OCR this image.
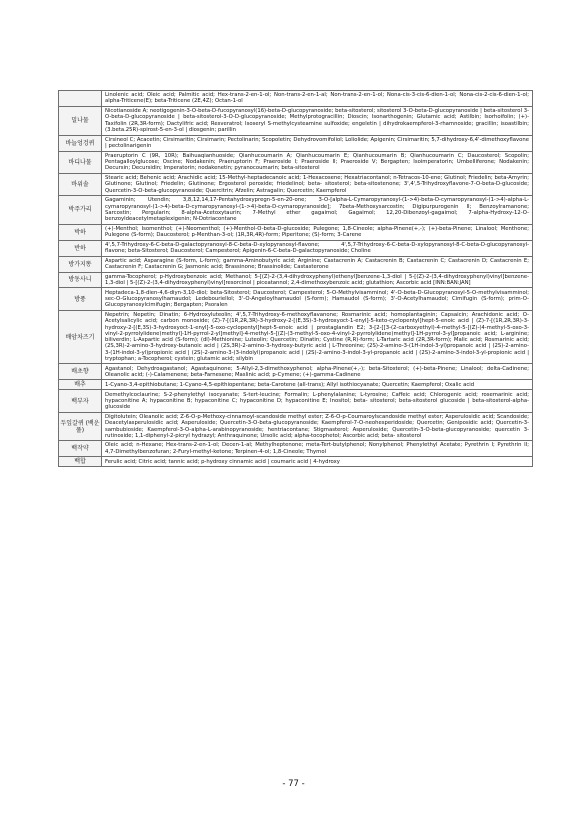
	Linolenic acid; Oleic acid; Palmitic acid; Hex-trans-2-en-1-ol; Non-trans-2-en-1-al; Non-trans-2-en-1-ol; Nona-cis-3-cis-6-dien-1-ol; Nona-cis-2-cis-6-dien-1-ol; alpha-Triticene(E); beta-Triticene (2E,4Z); Octan-1-ol
밀나물	Nicotianoside A; neotigogenin-3-O-beta-D-fucopyranosyl(16)-beta-D-glucopyranoside; beta-sitosterol; sitosterol 3-O-beta-D-glucopyranoside | beta-sitosterol 3-O-beta-D-glucopyranoside | beta-sitosterol-3-O-D-glucopyranoside; Methylprotogracillin; Dioscin; Isonarthogenin; Glutamic acid; Astilbin; Isorhoifolin; (+)-Taxifolin (2R,3R-form); Dactylifric acid; Resveratrol; Isoseryl S-methylcysteamine sulfoxide; engeletin | dihydrokaempferol-3-rhamnoside; gracillin; isoastilbin; (3.beta.25R)-spirost-5-en-3-ol | diosgenin; parillin
바늘엉겅퀴	Cirsineol C; Acacetin; Cirsimaritin; Cirsimarin; Pectolinarin; Scopoletin; Dehydrovomifoliol; Loliolide; Apigenin; Cirsimaritin; 5,7-dihydroxy-6,4'-dimethoxyflavone | pectolinarigenin
바디나물	Praeruptorin C (9R, 10R); Baihuaqianhuoside; Qianhucoumarin A; Qianhucoumarin E; Qianhucoumarin B; Qianhucoumarin C; Daucosterol; Scopolin; Pentagalloylglucose; Oscine; Nodakenin; Praeruptorin F; Praeroside I; Praeroside II; Praeroside V; Bergapten; Isoimperatorin; Umbelliferone; Nodakenin; Decursin; Decursidin; Imperatorin; nodakenetin; pyranocoumarin; beta-sitosterol
바위솔	Stearic acid; Behenic acid; Arachidic acid; 15-Methyl-heptadecanoic acid; 1-Hexacosene; Hexatriacontanol; n-Tetracos-10-ene; Glutinol; Friedelin; beta-Amyrin; Glutinone; Glutinol; Friedelin; Glutinone; Ergosterol peroxide; friedelinol; beta- sitosterol; beta-sitostenone; 3',4',5-Trihydroxyflavone-7-O-beta-D-glucoside; Quercetin-3-O-beta-glucopyranoside; Quercitrin; Afzelin; Astragalin; Quercetin; Kaempferol
박주가리	Gagaminin; Utendin; 3,8,12,14,17-Pentahydroxypregn-5-en-20-one; 3-O-[alpha-L-Cymaropyranosyl-(1->4)-beta-D-cymaropyranosyl-(1->4)-alpha-L-cymaropyranosyl-(1->4)-beta-D-cymaropyranosyl-(1->4)-beta-D-cymaropyranoside]; 7beta-Methoxysarcostin; Digipurpurogenin II; Benzoylramanone; Sarcostin; Pergularin; 8-alpha-Acetoxytaurin; 7-Methyl ether gagaimol; Gagaimol; 12,20-Dibenzoyl-gagaimol; 7-alpha-Hydroxy-12-O-benzoyldeacetylmetaplexigenin; N-Dotriacontane
박하	(+)-Menthol; Isomenthol; (+)-Neomenthol; (+)-Menthol-O-beta-D-glucoside; Pulegone; 1,8-Cineole; alpha-Pinene(+,-); (+)-beta-Pinene; Linalool; Menthone; Pulegone (S-form); Daucosterol; p-Menthan-3-ol; (1R,3R,4R)-form; Piperitone; (S)-form; 3-Carene
반하	4',5,7-Trihydroxy-6-C-beta-D-galactopyranosyl-8-C-beta-D-xylopyranosyl-flavone; 4',5,7-Trihydroxy-6-C-beta-D-xylopyranosyl-8-C-beta-D-glucopyranosyl-flavone; beta-Sitosterol; Daucosterol; Campesterol; Apigenin-6-C-beta-D-galactopyranoside; Choline
방가지똥	Aspartic acid; Asparagine (S-form, L-form); gamma-Aminobutyric acid; Arginine; Castacrenin A; Castacrenin B; Castacrenin C; Castacrenin D; Castacrenin E; Castacrenin F; Castacrenin G; Jasmonic acid; Brassinone; Brassinolide; Castasterone
방동사니	gamma-Tocopherol; p-Hydroxybenzoic acid; Methanol; 5-[(Z)-2-(3,4-dihydroxyphenyl)ethenyl]benzene-1,3-diol | 5-[(Z)-2-(3,4-dihydroxyphenyl)vinyl]benzene-1,3-diol | 5-[(Z)-2-(3,4-dihydroxyphenyl)vinyl]resorcinol | piceatannol; 2,4-dimethoxybenzoic acid; glutathion; Ascorbic acid [INN:BAN:JAN]
방풍	Heptadeca-1,8-dien-4,6-diyn-3,10-diol; beta-Sitosterol; Daucosterol; Campesterol; 5-O-Methylvisamminol; 4'-O-beta-D-Glucopyranosyl-5-O-methylvisamminol; sec-O-Glucopyranosylhamaudol; Ledebouriellol; 3'-O-Angeloylhamaudol (S-form); Hamaudol (S-form); 3'-O-Acetylhamaudol; Cimifugin (S-form); prim-O-Glucopyranosylcimifugin; Bergapten; Psoralen
배암차즈기	Nepetrin; Nepetin; Dinatin; 6-Hydroxyluteolin; 4',5,7-Trihydroxy-6-methoxyflavanone; Rosmarinic acid; homoplantaginin; Capsaicin; Arachidonic acid; O-Acetylsalicylic acid; carbon monoxide; (Z)-7-[(1R,2R,3R)-3-hydroxy-2-[(E,3S)-3-hydroxyoct-1-enyl]-5-keto-cyclopentyl]hept-5-enoic acid | (Z)-7-[(1R,2R,3R)-3-hydroxy-2-[(E,3S)-3-hydroxyoct-1-enyl]-5-oxo-cyclopentyl]hept-5-enoic acid | prostaglandin E2; 3-[2-[[3-(2-carboxyethyl)-4-methyl-5-[(Z)-(4-methyl-5-oxo-3-vinyl-2-pyrrolylidene)methyl]-1H-pyrrol-2-yl]methyl]-4-methyl-5-[(Z)-(3-methyl-5-oxo-4-vinyl-2-pyrrolylidene)methyl]-1H-pyrrol-3-yl]propanoic acid; L-arginine; biliverdin; L-Aspartic acid (S-form); (dl)-Methionine; Luteolin; Quercetin; Dinatin; Cystine (R,R)-form; L-Tartaric acid (2R,3R-form); Malic acid; Rosmarinic acid; (2S,3R)-2-amino-3-hydroxy-butanoic acid | (2S,3R)-2-amino-3-hydroxy-butyric acid | L-Threonine; (2S)-2-amino-3-(1H-indol-3-yl)propanoic acid | (2S)-2-amino-3-(1H-indol-3-yl)propionic acid | (2S)-2-amino-3-(3-indolyl)propanoic acid | (2S)-2-amino-3-indol-3-yl-propanoic acid | (2S)-2-amino-3-indol-3-yl-propionic acid | tryptophan; a-Tocopherol; cystein; glutamic acid; silybin
배초향	Agastanol; Dehydroagastanol; Agastaquinone; 5-Allyl-2,3-dimethoxyphenol; alpha-Pinene(+,-); beta-Sitosterol; (+)-beta-Pinene; Linalool; delta-Cadinene; Oleanolic acid; (-)-Calamenene; beta-Farnesene; Maslinic acid; p-Cymene; (+)-gamma-Cadinene
배추	1-Cyano-3,4-epithiobutane; 1-Cyano-4,5-epithiopentane; beta-Carotene (all-trans); Allyl isothiocyanate; Quercetin; Kaempferol; Oxalic acid
백부자	Demethylcoclaurine; S-2-phenylethyl isocyanate; S-tert-leucine; Formalin; L-phenylalanine; L-tyrosine; Caffeic acid; Chlorogenic acid; rosemarinic acid; hypaconitine A; hypaconitine B; hypaconitine C; hypaconitine D; hypaconitine E; Inositol; beta- sitosterol; beta-sitosterol glucoside | beta-sitosterol-alpha-glucoside
두잎갈퀴 (백운풀)	Digitolutein; Oleanolic acid; Z-6-O-p-Methoxy-cinnamoyl-scandoside methyl ester; Z-6-O-p-Coumaroylscandoside methyl ester; Asperulosidic acid; Scandoside; Deacetylasperulosidic acid; Asperuloside; Quercetin-3-O-beta-glucopyranoside; Kaempferol-7-O-neohesperidoside; Quercetin; Geniposidic acid; Quercetin-3-sambubioside; Kaempferol-3-O-alpha-L-arabinopyranoside; hentriacontane; Stigmasterol; Asperuloside; Quercetin-3-O-beta-glucopyranoside; quercetin 3-rutinoside; 1,1-diphenyl-2-picryl hydrazyl; Anthraquinone; Ursolic acid; alpha-tocophetol; Ascorbic acid; beta- sitosterol
백작약	Oleic acid; n-Hexane; Hex-trans-2-en-1-ol; Decen-1-al; Methylheptenone; meta-Tert-butylphenol; Nonylphenol; Phenylethyl Acetate; Pyrethrin I; Pyrethrin II; 4,7-Dimethylbenzofuran; 2-Furyl-methyl-ketone; Terpinen-4-ol; 1,8-Cineole; Thymol
백합	Ferulic acid; Citric acid; tannic acid; p-hydroxy cinnamic acid | coumaric acid | 4-hydroxy
- 77 -
